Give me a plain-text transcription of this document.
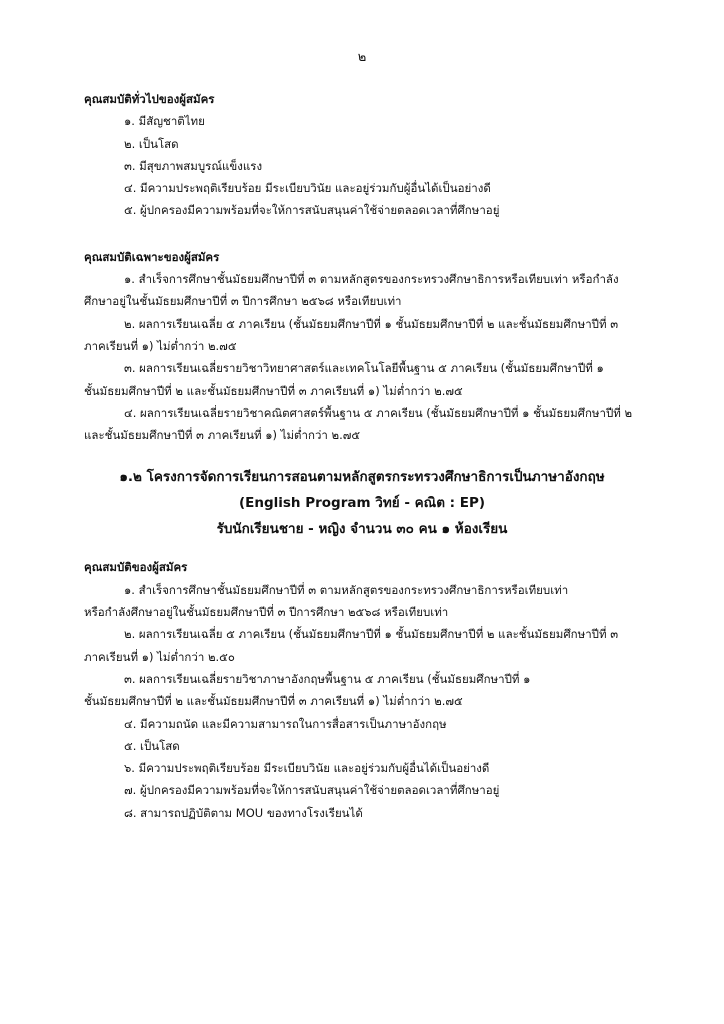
๒

คุณสมบัติทั่วไปของผู้สมัคร

๑. มีสัญชาติไทย

๒. เป็นโสด

๓. มีสุขภาพสมบูรณ์แข็งแรง

๔. มีความประพฤติเรียบร้อย มีระเบียบวินัย และอยู่ร่วมกับผู้อื่นได้เป็นอย่างดี

๕. ผู้ปกครองมีความพร้อมที่จะให้การสนับสนุนค่าใช้จ่ายตลอดเวลาที่ศึกษาอยู่

คุณสมบัติเฉพาะของผู้สมัคร

๑. สำเร็จการศึกษาชั้นมัธยมศึกษาปีที่ ๓ ตามหลักสูตรของกระทรวงศึกษาธิการหรือเทียบเท่า หรือกำลัง
ศึกษาอยู่ในชั้นมัธยมศึกษาปีที่ ๓ ปีการศึกษา ๒๕๖๘ หรือเทียบเท่า
๒. ผลการเรียนเฉลี่ย ๕ ภาคเรียน (ชั้นมัธยมศึกษาปีที่ ๑ ชั้นมัธยมศึกษาปีที่ ๒ และชั้นมัธยมศึกษาปีที่ ๓
ภาคเรียนที่ ๑) ไม่ต่ำกว่า ๒.๗๕
๓. ผลการเรียนเฉลี่ยรายวิชาวิทยาศาสตร์และเทคโนโลยีพื้นฐาน ๕ ภาคเรียน (ชั้นมัธยมศึกษาปีที่ ๑
ชั้นมัธยมศึกษาปีที่ ๒ และชั้นมัธยมศึกษาปีที่ ๓ ภาคเรียนที่ ๑) ไม่ต่ำกว่า ๒.๗๕
๔. ผลการเรียนเฉลี่ยรายวิชาคณิตศาสตร์พื้นฐาน ๕ ภาคเรียน (ชั้นมัธยมศึกษาปีที่ ๑ ชั้นมัธยมศึกษาปีที่ ๒
และชั้นมัธยมศึกษาปีที่ ๓ ภาคเรียนที่ ๑) ไม่ต่ำกว่า ๒.๗๕
๑.๒ โครงการจัดการเรียนการสอนตามหลักสูตรกระทรวงศึกษาธิการเป็นภาษาอังกฤษ
(English Program วิทย์ - คณิต : EP)
รับนักเรียนชาย - หญิง จำนวน ๓๐ คน ๑ ห้องเรียน

คุณสมบัติของผู้สมัคร

๑. สำเร็จการศึกษาชั้นมัธยมศึกษาปีที่ ๓ ตามหลักสูตรของกระทรวงศึกษาธิการหรือเทียบเท่า
หรือกำลังศึกษาอยู่ในชั้นมัธยมศึกษาปีที่ ๓ ปีการศึกษา ๒๕๖๘ หรือเทียบเท่า
๒. ผลการเรียนเฉลี่ย ๕ ภาคเรียน (ชั้นมัธยมศึกษาปีที่ ๑ ชั้นมัธยมศึกษาปีที่ ๒ และชั้นมัธยมศึกษาปีที่ ๓
ภาคเรียนที่ ๑) ไม่ต่ำกว่า ๒.๕๐
๓. ผลการเรียนเฉลี่ยรายวิชาภาษาอังกฤษพื้นฐาน ๕ ภาคเรียน (ชั้นมัธยมศึกษาปีที่ ๑
ชั้นมัธยมศึกษาปีที่ ๒ และชั้นมัธยมศึกษาปีที่ ๓ ภาคเรียนที่ ๑) ไม่ต่ำกว่า ๒.๗๕

๔. มีความถนัด และมีความสามารถในการสื่อสารเป็นภาษาอังกฤษ

๕. เป็นโสด

๖. มีความประพฤติเรียบร้อย มีระเบียบวินัย และอยู่ร่วมกับผู้อื่นได้เป็นอย่างดี

๗. ผู้ปกครองมีความพร้อมที่จะให้การสนับสนุนค่าใช้จ่ายตลอดเวลาที่ศึกษาอยู่

๘. สามารถปฏิบัติตาม MOU ของทางโรงเรียนได้
